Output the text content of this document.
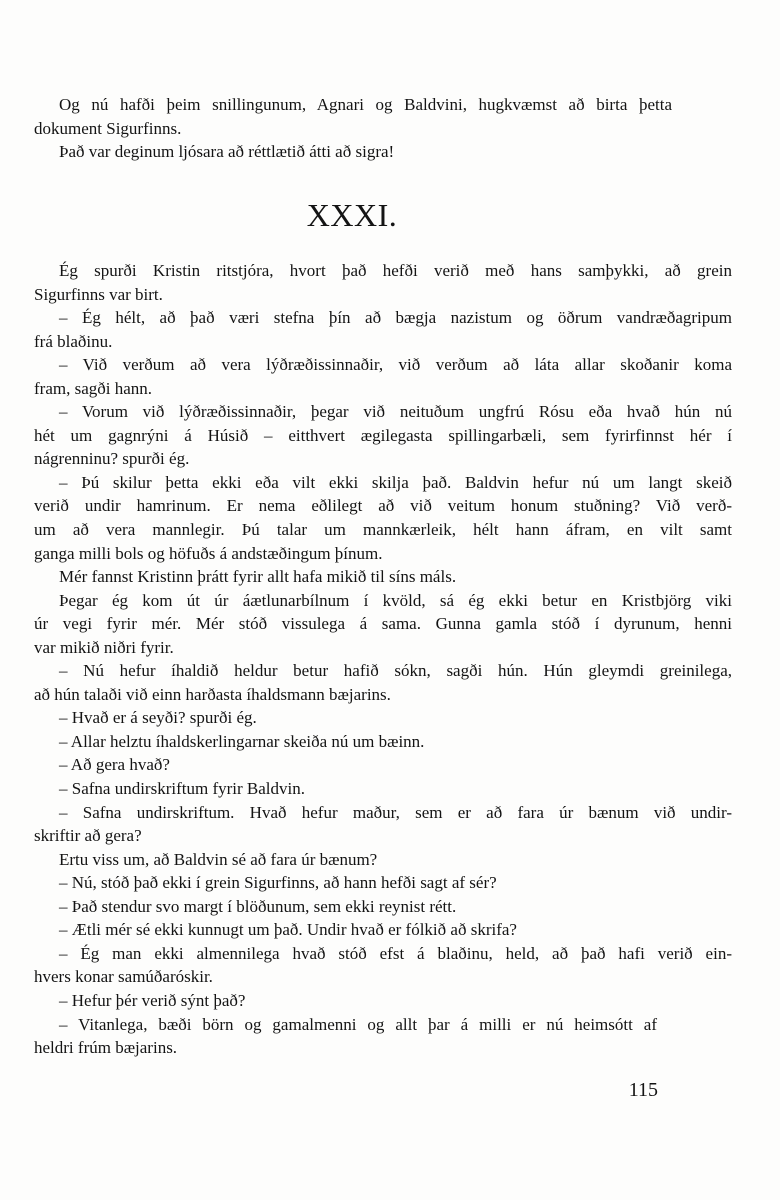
Og nú hafði þeim snillingunum, Agnari og Baldvini, hugkvæmst að birta þetta
dokument Sigurfinns.
Það var deginum ljósara að réttlætið átti að sigra!
XXXI.
Ég spurði Kristin ritstjóra, hvort það hefði verið með hans samþykki, að grein
Sigurfinns var birt.
– Ég hélt, að það væri stefna þín að bægja nazistum og öðrum vandræðagripum
frá blaðinu.
– Við verðum að vera lýðræðissinnaðir, við verðum að láta allar skoðanir koma
fram, sagði hann.
– Vorum við lýðræðissinnaðir, þegar við neituðum ungfrú Rósu eða hvað hún nú
hét um gagnrýni á Húsið – eitthvert ægilegasta spillingarbæli, sem fyrirfinnst hér í
nágrenninu? spurði ég.
– Þú skilur þetta ekki eða vilt ekki skilja það. Baldvin hefur nú um langt skeið
verið undir hamrinum. Er nema eðlilegt að við veitum honum stuðning? Við verð-
um að vera mannlegir. Þú talar um mannkærleik, hélt hann áfram, en vilt samt
ganga milli bols og höfuðs á andstæðingum þínum.
Mér fannst Kristinn þrátt fyrir allt hafa mikið til síns máls.
Þegar ég kom út úr áætlunarbílnum í kvöld, sá ég ekki betur en Kristbjörg viki
úr vegi fyrir mér. Mér stóð vissulega á sama. Gunna gamla stóð í dyrunum, henni
var mikið niðri fyrir.
– Nú hefur íhaldið heldur betur hafið sókn, sagði hún. Hún gleymdi greinilega,
að hún talaði við einn harðasta íhaldsmann bæjarins.
– Hvað er á seyði? spurði ég.
– Allar helztu íhaldskerlingarnar skeiða nú um bæinn.
– Að gera hvað?
– Safna undirskriftum fyrir Baldvin.
– Safna undirskriftum. Hvað hefur maður, sem er að fara úr bænum við undir-
skriftir að gera?
Ertu viss um, að Baldvin sé að fara úr bænum?
– Nú, stóð það ekki í grein Sigurfinns, að hann hefði sagt af sér?
– Það stendur svo margt í blöðunum, sem ekki reynist rétt.
– Ætli mér sé ekki kunnugt um það. Undir hvað er fólkið að skrifa?
– Ég man ekki almennilega hvað stóð efst á blaðinu, held, að það hafi verið ein-
hvers konar samúðaróskir.
– Hefur þér verið sýnt það?
– Vitanlega, bæði börn og gamalmenni og allt þar á milli er nú heimsótt af
heldri frúm bæjarins.
115
